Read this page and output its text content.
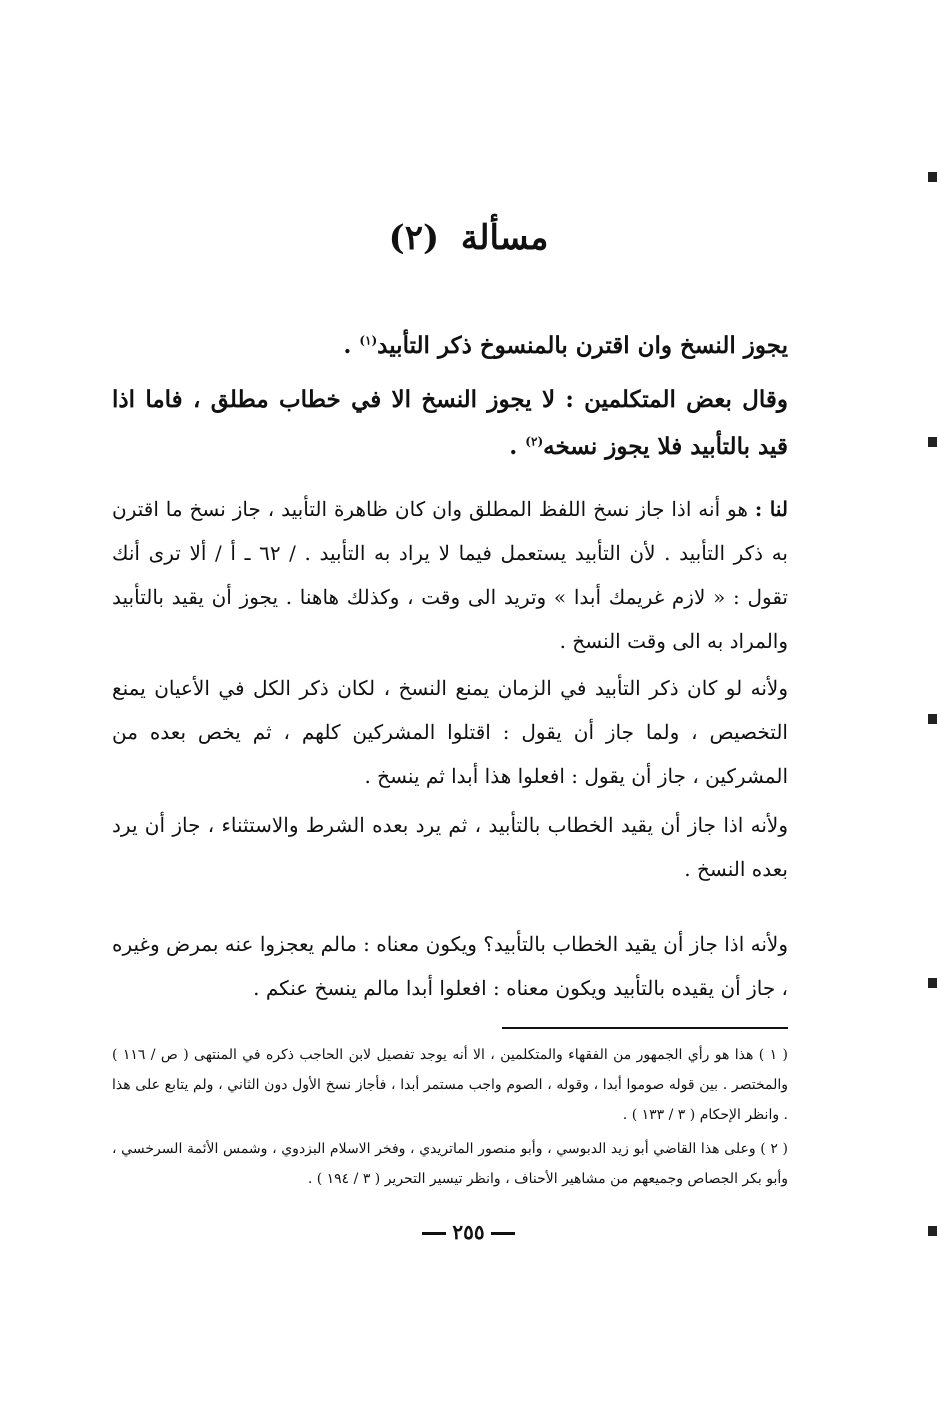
مسألة (٢)
يجوز النسخ وان اقترن بالمنسوخ ذكر التأبيد$^{(١)}$ .
وقال بعض المتكلمين : لا يجوز النسخ الا في خطاب مطلق ، فاما اذا قيد بالتأبيد فلا يجوز نسخه$^{(٢)}$ .
لنا : هو أنه اذا جاز نسخ اللفظ المطلق وان كان ظاهرة التأبيد ، جاز نسخ ما اقترن به ذكر التأبيد . لأن التأبيد يستعمل فيما لا يراد به التأبيد . / ٦٢ ـ أ / ألا ترى أنك تقول : « لازم غريمك أبدا » وتريد الى وقت ، وكذلك هاهنا . يجوز أن يقيد بالتأبيد والمراد به الى وقت النسخ .
ولأنه لو كان ذكر التأبيد في الزمان يمنع النسخ ، لكان ذكر الكل في الأعيان يمنع التخصيص ، ولما جاز أن يقول : اقتلوا المشركين كلهم ، ثم يخص بعده من المشركين ، جاز أن يقول : افعلوا هذا أبدا ثم ينسخ .
ولأنه اذا جاز أن يقيد الخطاب بالتأبيد ، ثم يرد بعده الشرط والاستثناء ، جاز أن يرد بعده النسخ .
ولأنه اذا جاز أن يقيد الخطاب بالتأبيد؟ ويكون معناه : مالم يعجزوا عنه بمرض وغيره ، جاز أن يقيده بالتأبيد ويكون معناه : افعلوا أبدا مالم ينسخ عنكم .
( ١ ) هذا هو رأي الجمهور من الفقهاء والمتكلمين ، الا أنه يوجد تفصيل لابن الحاجب ذكره في المنتهى ( ص / ١١٦ ) والمختصر . بين قوله صوموا أبدا ، وقوله ، الصوم واجب مستمر أبدا ، فأجاز نسخ الأول دون الثاني ، ولم يتابع على هذا . وانظر الإحكام ( ٣ / ١٣٣ ) .
( ٢ ) وعلى هذا القاضي أبو زيد الدبوسي ، وأبو منصور الماتريدي ، وفخر الاسلام البزدوي ، وشمس الأئمة السرخسي ، وأبو بكر الجصاص وجميعهم من مشاهير الأحناف ، وانظر تيسير التحرير ( ٣ / ١٩٤ ) .
٢٥٥
